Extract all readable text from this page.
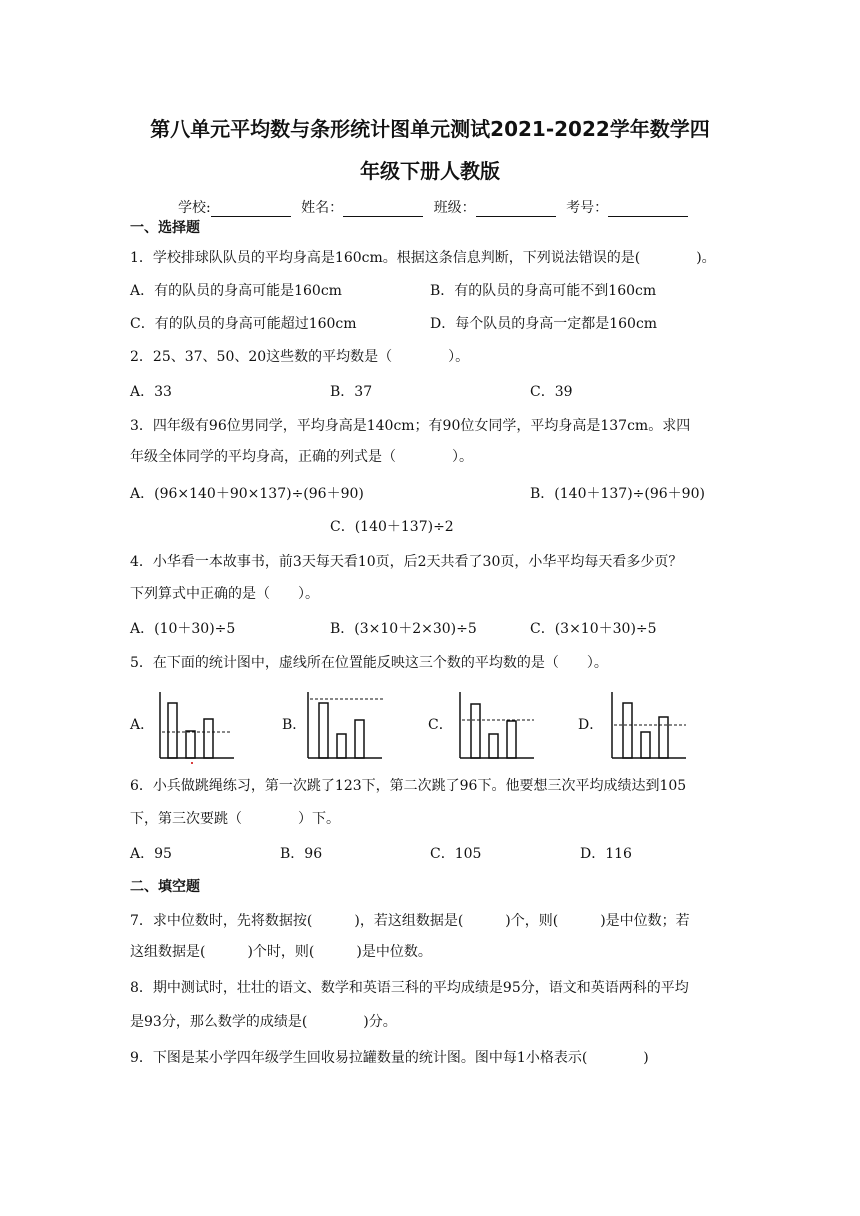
第八单元平均数与条形统计图单元测试2021-2022学年数学四
年级下册人教版
学校:	姓名：	班级：	考号：
一、选择题
1．学校排球队队员的平均身高是160cm。根据这条信息判断，下列说法错误的是(　　　　)。
A．有的队员的身高可能是160cm	B．有的队员的身高可能不到160cm
C．有的队员的身高可能超过160cm	D．每个队员的身高一定都是160cm
2．25、37、50、20这些数的平均数是（　　　　）。
A．33	B．37	C．39
3．四年级有96位男同学，平均身高是140cm；有90位女同学，平均身高是137cm。求四
年级全体同学的平均身高，正确的列式是（　　　　）。
A．(96×140＋90×137)÷(96＋90)	B．(140＋137)÷(96＋90)
C．(140＋137)÷2
4．小华看一本故事书，前3天每天看10页，后2天共看了30页，小华平均每天看多少页？
下列算式中正确的是（　　）。
A．(10＋30)÷5	B．(3×10＋2×30)÷5	C．(3×10＋30)÷5
5．在下面的统计图中，虚线所在位置能反映这三个数的平均数的是（　　）。
A．	B．	C．	D．
6．小兵做跳绳练习，第一次跳了123下，第二次跳了96下。他要想三次平均成绩达到105
下，第三次要跳（　　　　）下。
A．95	B．96	C．105	D．116
二、填空题
7．求中位数时，先将数据按(　　　)，若这组数据是(　　　)个，则(　　　)是中位数；若
这组数据是(　　　)个时，则(　　　)是中位数。
8．期中测试时，壮壮的语文、数学和英语三科的平均成绩是95分，语文和英语两科的平均
是93分，那么数学的成绩是(　　　　)分。
9．下图是某小学四年级学生回收易拉罐数量的统计图。图中每1小格表示(　　　　)
